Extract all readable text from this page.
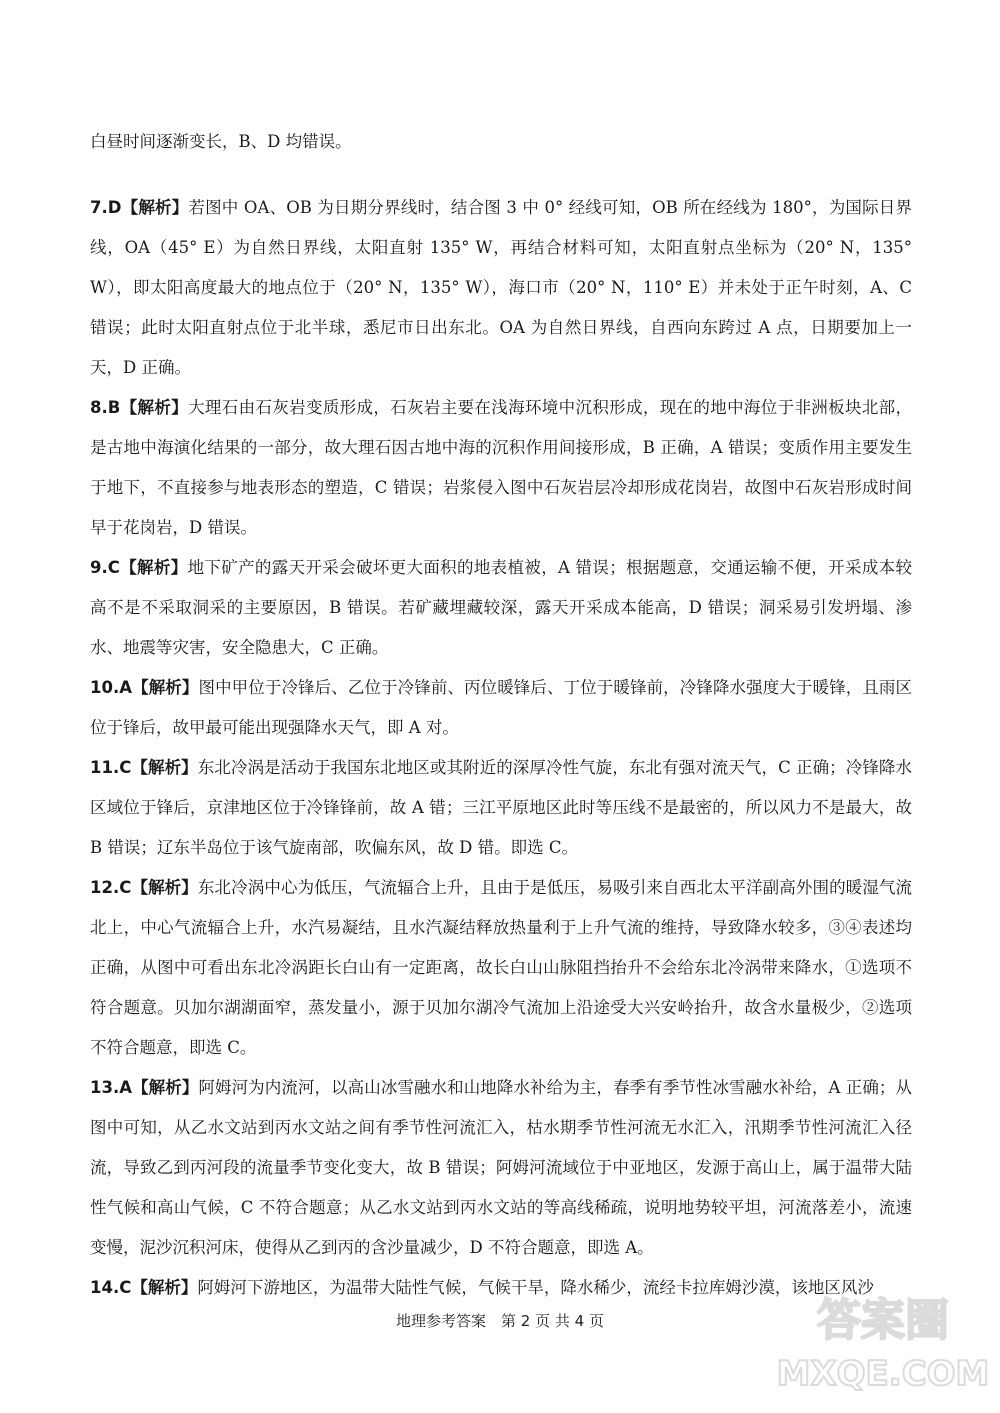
白昼时间逐渐变长，B、D 均错误。
7.D【解析】若图中 OA、OB 为日期分界线时，结合图 3 中 0° 经线可知，OB 所在经线为 180°，为国际日界线，OA（45° E）为自然日界线，太阳直射 135° W，再结合材料可知，太阳直射点坐标为（20° N，135° W），即太阳高度最大的地点位于（20° N，135° W），海口市（20° N，110° E）并未处于正午时刻，A、C 错误；此时太阳直射点位于北半球，悉尼市日出东北。OA 为自然日界线，自西向东跨过 A 点，日期要加上一天，D 正确。
8.B【解析】大理石由石灰岩变质形成，石灰岩主要在浅海环境中沉积形成，现在的地中海位于非洲板块北部，是古地中海演化结果的一部分，故大理石因古地中海的沉积作用间接形成，B 正确，A 错误；变质作用主要发生于地下，不直接参与地表形态的塑造，C 错误；岩浆侵入图中石灰岩层冷却形成花岗岩，故图中石灰岩形成时间早于花岗岩，D 错误。
9.C【解析】地下矿产的露天开采会破坏更大面积的地表植被，A 错误；根据题意，交通运输不便，开采成本较高不是不采取洞采的主要原因，B 错误。若矿藏埋藏较深，露天开采成本能高，D 错误；洞采易引发坍塌、渗水、地震等灾害，安全隐患大，C 正确。
10.A【解析】图中甲位于冷锋后、乙位于冷锋前、丙位暖锋后、丁位于暖锋前，冷锋降水强度大于暖锋，且雨区位于锋后，故甲最可能出现强降水天气，即 A 对。
11.C【解析】东北冷涡是活动于我国东北地区或其附近的深厚冷性气旋，东北有强对流天气，C 正确；冷锋降水区域位于锋后，京津地区位于冷锋锋前，故 A 错；三江平原地区此时等压线不是最密的，所以风力不是最大，故 B 错误；辽东半岛位于该气旋南部，吹偏东风，故 D 错。即选 C。
12.C【解析】东北冷涡中心为低压，气流辐合上升，且由于是低压，易吸引来自西北太平洋副高外围的暖湿气流北上，中心气流辐合上升，水汽易凝结，且水汽凝结释放热量利于上升气流的维持，导致降水较多，③④表述均正确，从图中可看出东北冷涡距长白山有一定距离，故长白山山脉阻挡抬升不会给东北冷涡带来降水，①选项不符合题意。贝加尔湖湖面窄，蒸发量小，源于贝加尔湖冷气流加上沿途受大兴安岭抬升，故含水量极少，②选项不符合题意，即选 C。
13.A【解析】阿姆河为内流河，以高山冰雪融水和山地降水补给为主，春季有季节性冰雪融水补给，A 正确；从图中可知，从乙水文站到丙水文站之间有季节性河流汇入，枯水期季节性河流无水汇入，汛期季节性河流汇入径流，导致乙到丙河段的流量季节变化变大，故 B 错误；阿姆河流域位于中亚地区，发源于高山上，属于温带大陆性气候和高山气候，C 不符合题意；从乙水文站到丙水文站的等高线稀疏，说明地势较平坦，河流落差小，流速变慢，泥沙沉积河床，使得从乙到丙的含沙量减少，D 不符合题意，即选 A。
14.C【解析】阿姆河下游地区，为温带大陆性气候，气候干旱，降水稀少，流经卡拉库姆沙漠，该地区风沙
地理参考答案　第 2 页 共 4 页	答案圈
MXQE.COM
